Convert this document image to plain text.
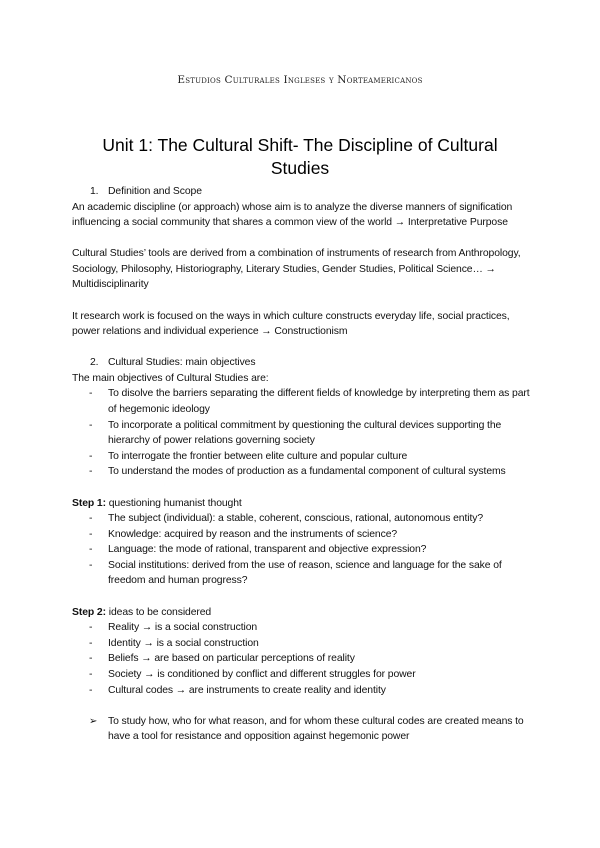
Estudios Culturales Ingleses y Norteamericanos
Unit 1: The Cultural Shift- The Discipline of Cultural Studies
1. Definition and Scope

An academic discipline (or approach) whose aim is to analyze the diverse manners of signification influencing a social community that shares a common view of the world → Interpretative Purpose

Cultural Studies’ tools are derived from a combination of instruments of research from Anthropology, Sociology, Philosophy, Historiography, Literary Studies, Gender Studies, Political Science… → Multidisciplinarity

It research work is focused on the ways in which culture constructs everyday life, social practices, power relations and individual experience → Constructionism

2. Cultural Studies: main objectives

The main objectives of Cultural Studies are:

-	To disolve the barriers separating the different fields of knowledge by interpreting them as part of hegemonic ideology
-	To incorporate a political commitment by questioning the cultural devices supporting the hierarchy of power relations governing society
-	To interrogate the frontier between elite culture and popular culture
-	To understand the modes of production as a fundamental component of cultural systems

Step 1: questioning humanist thought

-	The subject (individual): a stable, coherent, conscious, rational, autonomous entity?
-	Knowledge: acquired by reason and the instruments of science?
-	Language: the mode of rational, transparent and objective expression?
-	Social institutions: derived from the use of reason, science and language for the sake of freedom and human progress?

Step 2: ideas to be considered

-	Reality → is a social construction
-	Identity → is a social construction
-	Beliefs → are based on particular perceptions of reality
-	Society → is conditioned by conflict and different struggles for power
-	Cultural codes → are instruments to create reality and identity
➢	To study how, who for what reason, and for whom these cultural codes are created means to have a tool for resistance and opposition against hegemonic power
